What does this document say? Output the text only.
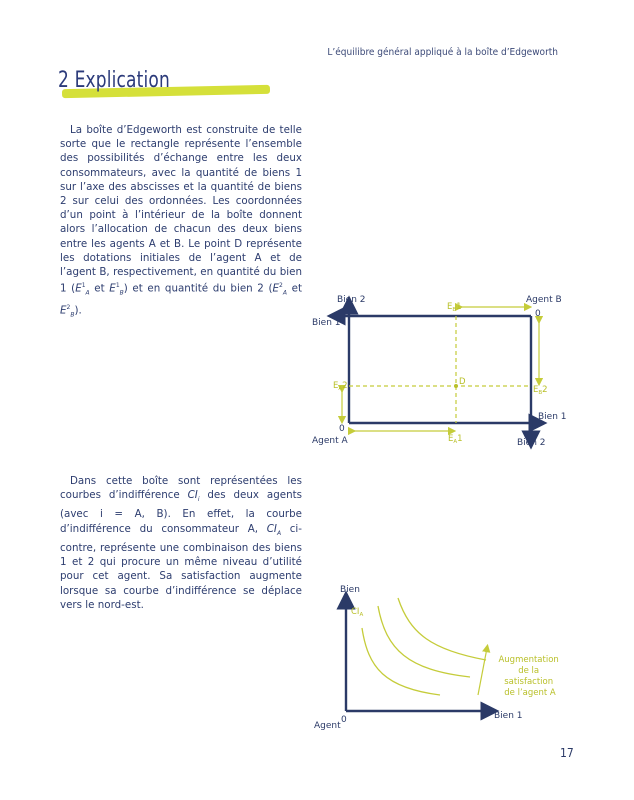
L’équilibre général appliqué à la boîte d’Edgeworth
2 Explication
La boîte d’Edgeworth est construite de telle sorte que le rectangle représente l’ensemble des possibilités d’échange entre les deux consommateurs, avec la quantité de biens 1 sur l’axe des abscisses et la quantité de biens 2 sur celui des ordonnées. Les coordonnées d’un point à l’intérieur de la boîte donnent alors l’allocation de chacun des deux biens entre les agents A et B. Le point D représente les dotations initiales de l’agent A et de l’agent B, respectivement, en quantité du bien 1 ($E^1_A$ et $E^1_B$) et en quantité du bien 2 ($E^2_A$ et $E^2_B$).
Dans cette boîte sont représentées les courbes d’indifférence $CI_i$ des deux agents (avec i = A, B). En effet, la courbe d’indifférence du consommateur A, $CI_A$ ci-contre, représente une combinaison des biens 1 et 2 qui procure un même niveau d’utilité pour cet agent. Sa satisfaction augmente lorsque sa courbe d’indifférence se déplace vers le nord-est.
Bien 2	Agent B
Bien 1
0
$E_B1$
$E_A2$	D
$E_B2$
0
Bien 1
Agent A	$E_A1$	Bien 2
Bien
$CI_A$
Augmentation de la satisfaction de l’agent A
0	Bien 1
Agent
17
